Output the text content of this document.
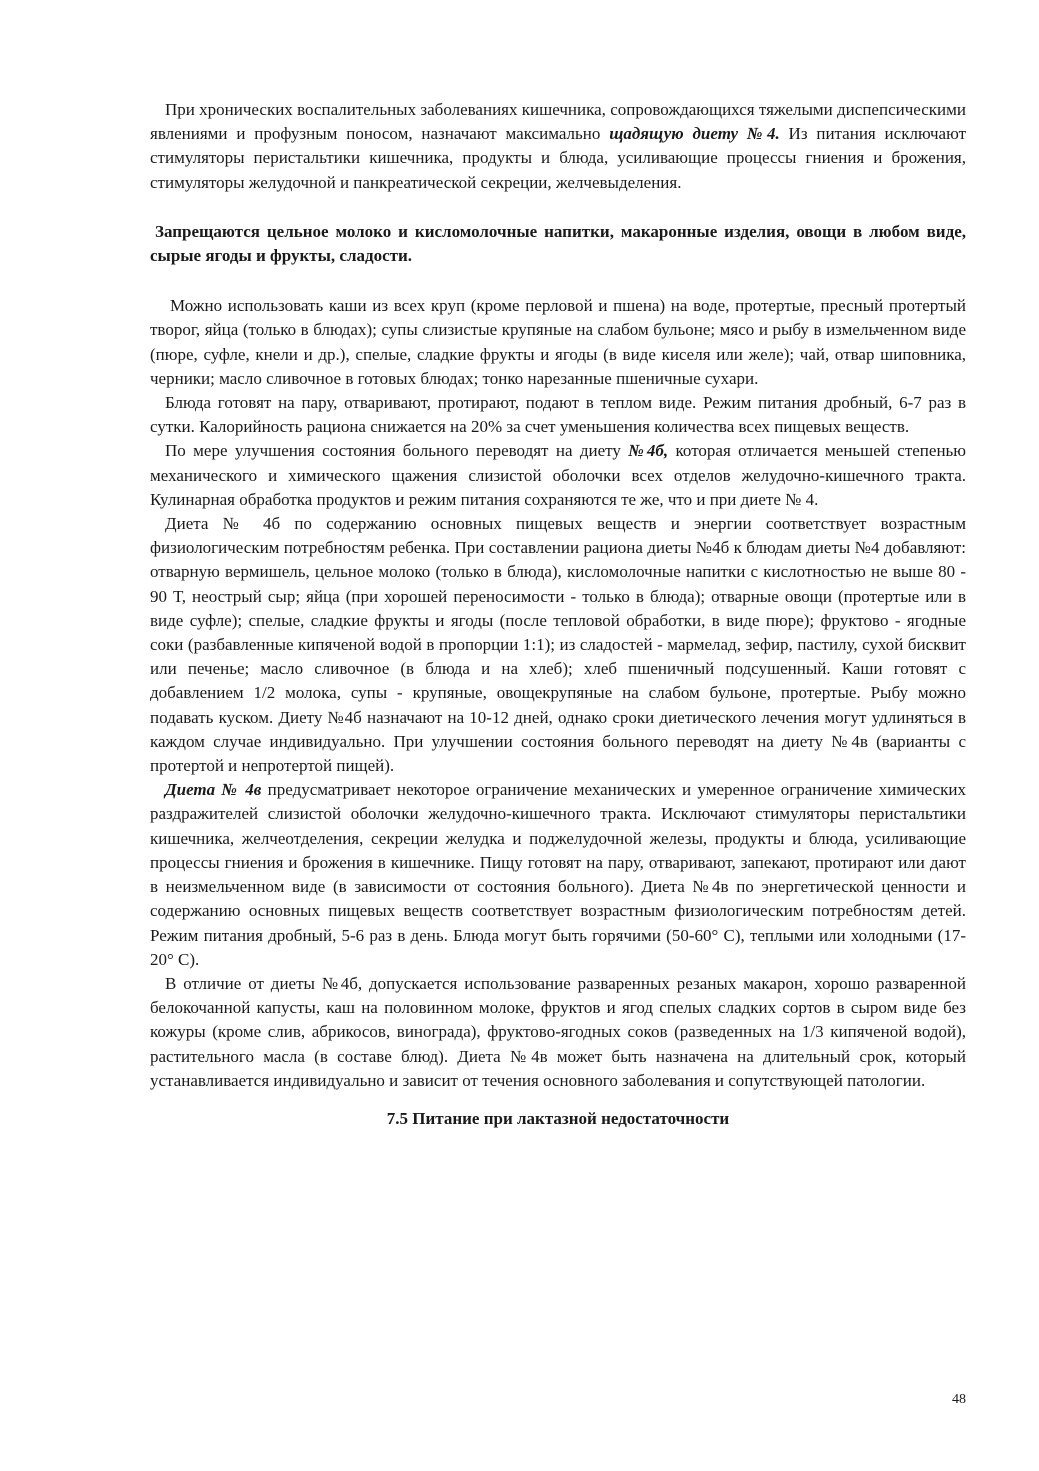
При хронических воспалительных заболеваниях кишечника, сопровождающихся тяжелыми диспепсическими явлениями и профузным поносом, назначают максимально щадящую диету №4. Из питания исключают стимуляторы перистальтики кишечника, продукты и блюда, усиливающие процессы гниения и брожения, стимуляторы желудочной и панкреатической секреции, желчевыделения.

Запрещаются цельное молоко и кисломолочные напитки, макаронные изделия, овощи в любом виде, сырые ягоды и фрукты, сладости.

Можно использовать каши из всех круп (кроме перловой и пшена) на воде, протертые, пресный протертый творог, яйца (только в блюдах); супы слизистые крупяные на слабом бульоне; мясо и рыбу в измельченном виде (пюре, суфле, кнели и др.), спелые, сладкие фрукты и ягоды (в виде киселя или желе); чай, отвар шиповника, черники; масло сливочное в готовых блюдах; тонко нарезанные пшеничные сухари.

Блюда готовят на пару, отваривают, протирают, подают в теплом виде. Режим питания дробный, 6-7 раз в сутки. Калорийность рациона снижается на 20% за счет уменьшения количества всех пищевых веществ.

По мере улучшения состояния больного переводят на диету №4б, которая отличается меньшей степенью механического и химического щажения слизистой оболочки всех отделов желудочно-кишечного тракта. Кулинарная обработка продуктов и режим питания сохраняются те же, что и при диете № 4.

Диета № 4б по содержанию основных пищевых веществ и энергии соответствует возрастным физиологическим потребностям ребенка. При составлении рациона диеты №4б к блюдам диеты №4 добавляют: отварную вермишель, цельное молоко (только в блюда), кисломолочные напитки с кислотностью не выше 80 - 90 Т, неострый сыр; яйца (при хорошей переносимости - только в блюда); отварные овощи (протертые или в виде суфле); спелые, сладкие фрукты и ягоды (после тепловой обработки, в виде пюре); фруктово - ягодные соки (разбавленные кипяченой водой в пропорции 1:1); из сладостей - мармелад, зефир, пастилу, сухой бисквит или печенье; масло сливочное (в блюда и на хлеб); хлеб пшеничный подсушенный. Каши готовят с добавлением 1/2 молока, супы - крупяные, овощекрупяные на слабом бульоне, протертые. Рыбу можно подавать куском. Диету №4б назначают на 10-12 дней, однако сроки диетического лечения могут удлиняться в каждом случае индивидуально. При улучшении состояния больного переводят на диету №4в (варианты с протертой и непротертой пищей).

Диета № 4в предусматривает некоторое ограничение механических и умеренное ограничение химических раздражителей слизистой оболочки желудочно-кишечного тракта. Исключают стимуляторы перистальтики кишечника, желчеотделения, секреции желудка и поджелудочной железы, продукты и блюда, усиливающие процессы гниения и брожения в кишечнике. Пищу готовят на пару, отваривают, запекают, протирают или дают в неизмельченном виде (в зависимости от состояния больного). Диета №4в по энергетической ценности и содержанию основных пищевых веществ соответствует возрастным физиологическим потребностям детей. Режим питания дробный, 5-6 раз в день. Блюда могут быть горячими (50-60° С), теплыми или холодными (17-20° С).

В отличие от диеты №4б, допускается использование разваренных резаных макарон, хорошо разваренной белокочанной капусты, каш на половинном молоке, фруктов и ягод спелых сладких сортов в сыром виде без кожуры (кроме слив, абрикосов, винограда), фруктово-ягодных соков (разведенных на 1/3 кипяченой водой), растительного масла (в составе блюд). Диета №4в может быть назначена на длительный срок, который устанавливается индивидуально и зависит от течения основного заболевания и сопутствующей патологии.

7.5 Питание при лактазной недостаточности
48
